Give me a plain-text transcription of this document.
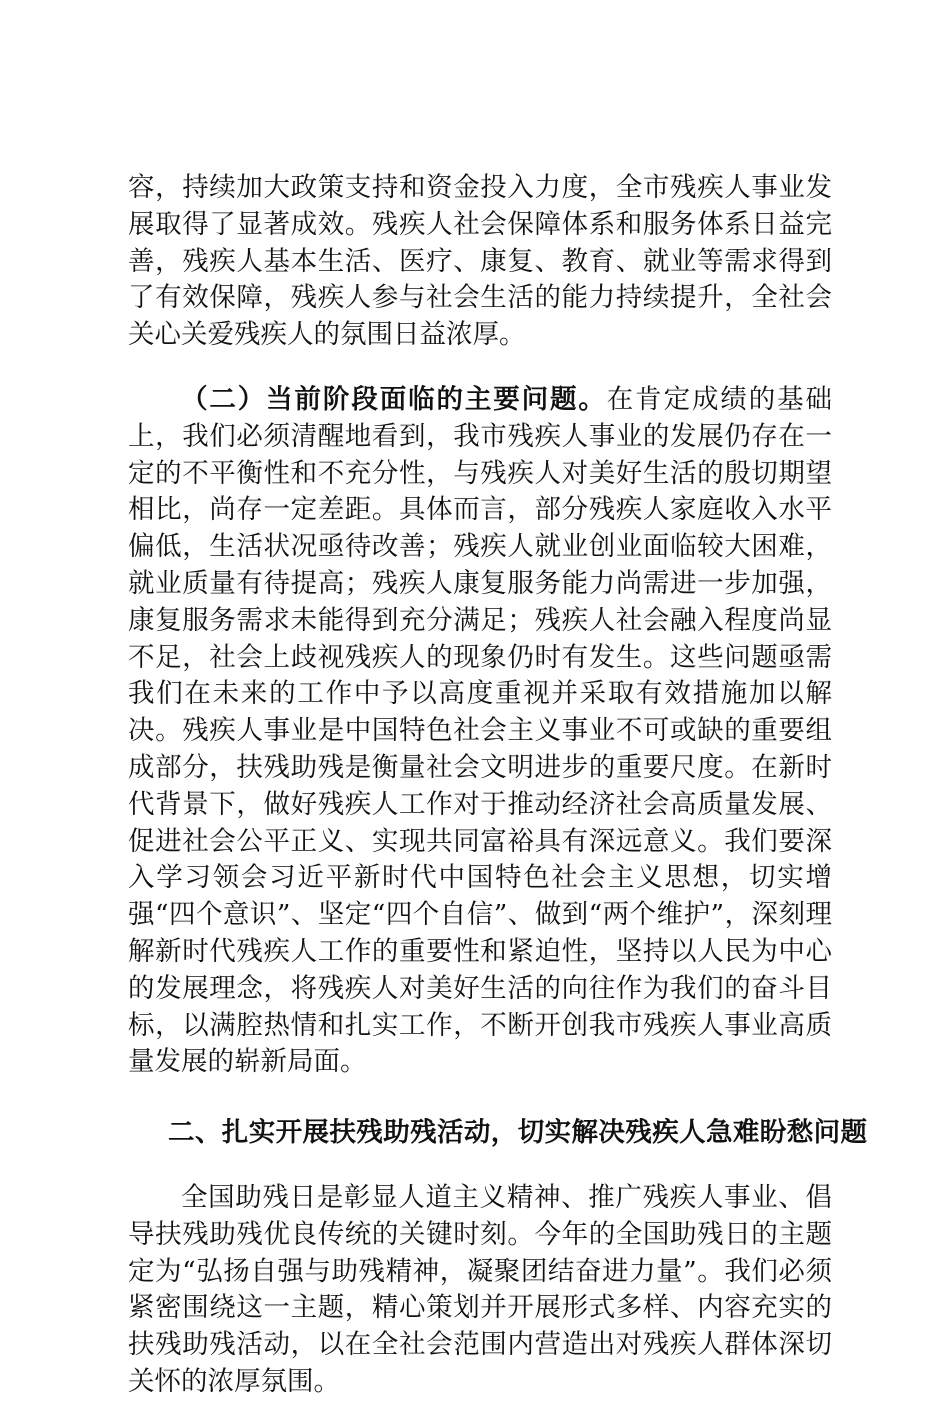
容，持续加大政策支持和资金投入力度，全市残疾人事业发展取得了显著成效。残疾人社会保障体系和服务体系日益完善，残疾人基本生活、医疗、康复、教育、就业等需求得到了有效保障，残疾人参与社会生活的能力持续提升，全社会关心关爱残疾人的氛围日益浓厚。

（二）当前阶段面临的主要问题。在肯定成绩的基础上，我们必须清醒地看到，我市残疾人事业的发展仍存在一定的不平衡性和不充分性，与残疾人对美好生活的殷切期望相比，尚存一定差距。具体而言，部分残疾人家庭收入水平偏低，生活状况亟待改善；残疾人就业创业面临较大困难，就业质量有待提高；残疾人康复服务能力尚需进一步加强，康复服务需求未能得到充分满足；残疾人社会融入程度尚显不足，社会上歧视残疾人的现象仍时有发生。这些问题亟需我们在未来的工作中予以高度重视并采取有效措施加以解决。残疾人事业是中国特色社会主义事业不可或缺的重要组成部分，扶残助残是衡量社会文明进步的重要尺度。在新时代背景下，做好残疾人工作对于推动经济社会高质量发展、促进社会公平正义、实现共同富裕具有深远意义。我们要深入学习领会习近平新时代中国特色社会主义思想，切实增强“四个意识”、坚定“四个自信”、做到“两个维护”，深刻理解新时代残疾人工作的重要性和紧迫性，坚持以人民为中心的发展理念，将残疾人对美好生活的向往作为我们的奋斗目标，以满腔热情和扎实工作，不断开创我市残疾人事业高质量发展的崭新局面。

二、扎实开展扶残助残活动，切实解决残疾人急难盼愁问题

全国助残日是彰显人道主义精神、推广残疾人事业、倡导扶残助残优良传统的关键时刻。今年的全国助残日的主题定为“弘扬自强与助残精神，凝聚团结奋进力量”。我们必须紧密围绕这一主题，精心策划并开展形式多样、内容充实的扶残助残活动，以在全社会范围内营造出对残疾人群体深切关怀的浓厚氛围。
